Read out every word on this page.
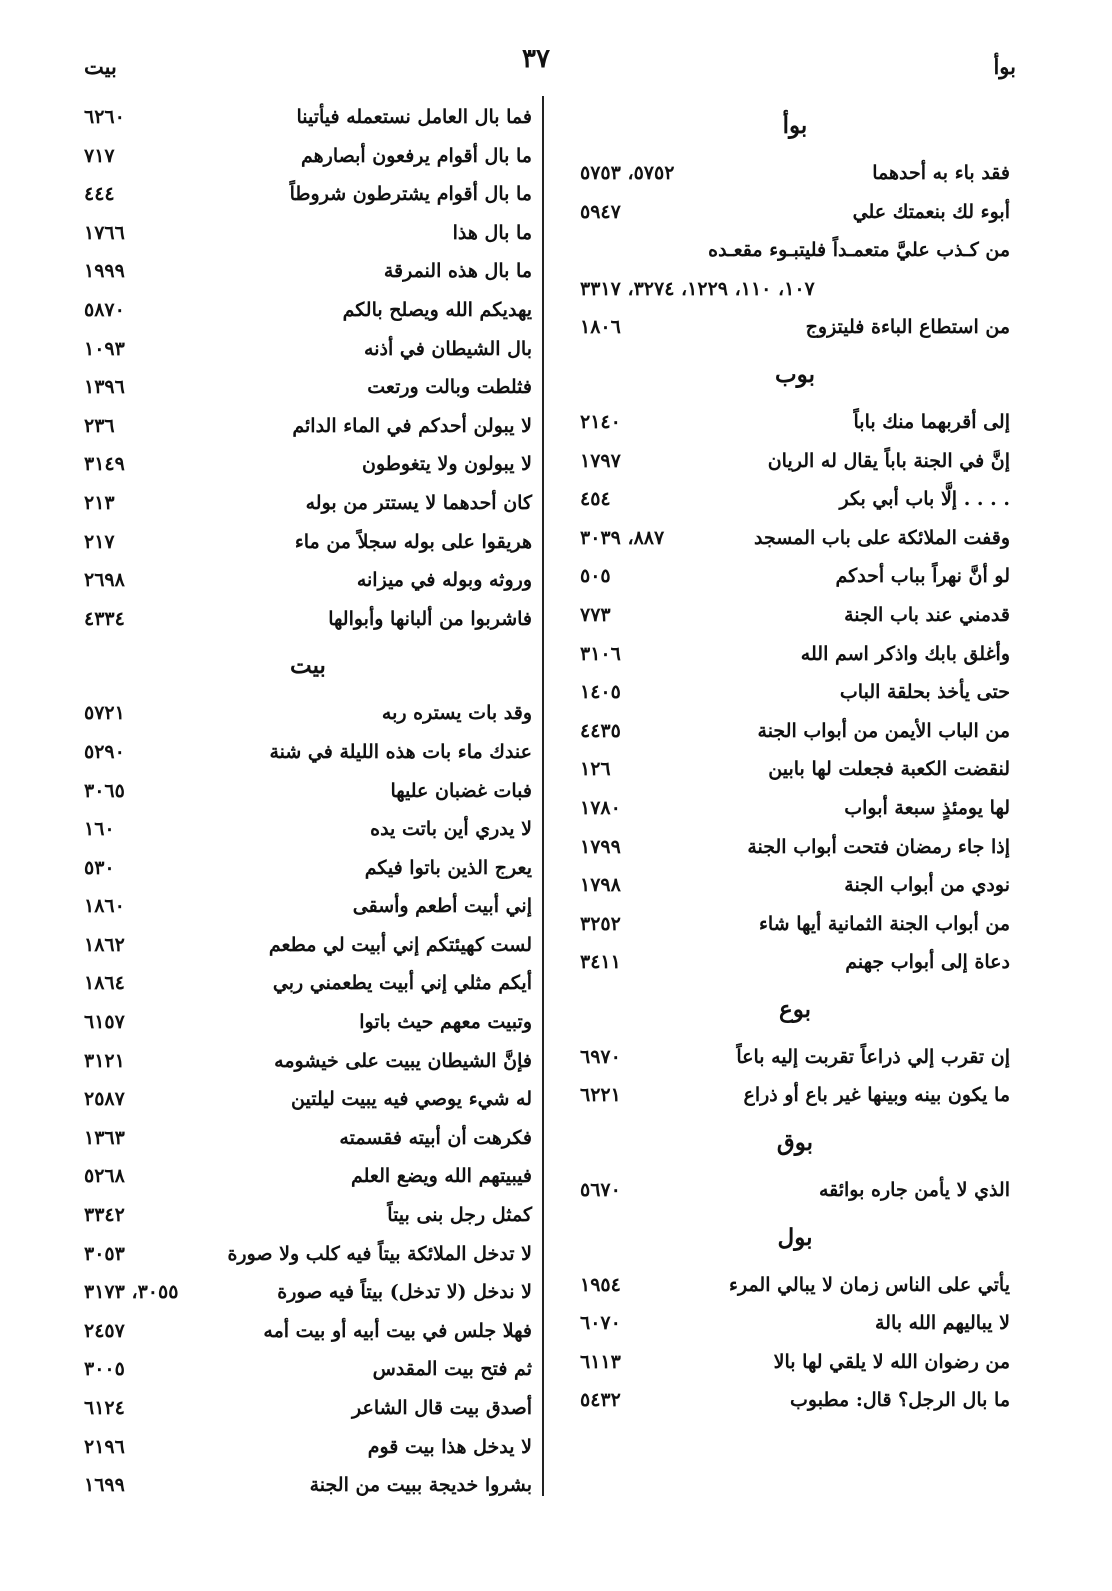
بوأ
٣٧
بيت
بوأ
فقد باء به أحدهما
٥٧٥٢، ٥٧٥٣
أبوء لك بنعمتك علي
٥٩٤٧
من كـذب عليَّ متعمـداً فليتبـوء مقعـده
١٠٧، ١١٠، ١٢٢٩، ٣٢٧٤، ٣٣١٧
من استطاع الباءة فليتزوج
١٨٠٦
بوب
إلى أقربهما منك باباً
٢١٤٠
إنَّ في الجنة باباً يقال له الريان
١٧٩٧
. . . . إلَّا باب أبي بكر
٤٥٤
وقفت الملائكة على باب المسجد
٨٨٧، ٣٠٣٩
لو أنَّ نهراً بباب أحدكم
٥٠٥
قدمني عند باب الجنة
٧٧٣
وأغلق بابك واذكر اسم الله
٣١٠٦
حتى يأخذ بحلقة الباب
١٤٠٥
من الباب الأيمن من أبواب الجنة
٤٤٣٥
لنقضت الكعبة فجعلت لها بابين
١٢٦
لها يومئذٍ سبعة أبواب
١٧٨٠
إذا جاء رمضان فتحت أبواب الجنة
١٧٩٩
نودي من أبواب الجنة
١٧٩٨
من أبواب الجنة الثمانية أيها شاء
٣٢٥٢
دعاة إلى أبواب جهنم
٣٤١١
بوع
إن تقرب إلي ذراعاً تقربت إليه باعاً
٦٩٧٠
ما يكون بينه وبينها غير باع أو ذراع
٦٢٢١
بوق
الذي لا يأمن جاره بوائقه
٥٦٧٠
بول
يأتي على الناس زمان لا يبالي المرء
١٩٥٤
لا يباليهم الله بالة
٦٠٧٠
من رضوان الله لا يلقي لها بالا
٦١١٣
ما بال الرجل؟ قال: مطبوب
٥٤٣٢
فما بال العامل نستعمله فيأتينا
٦٢٦٠
ما بال أقوام يرفعون أبصارهم
٧١٧
ما بال أقوام يشترطون شروطاً
٤٤٤
ما بال هذا
١٧٦٦
ما بال هذه النمرقة
١٩٩٩
يهديكم الله ويصلح بالكم
٥٨٧٠
بال الشيطان في أذنه
١٠٩٣
فثلطت وبالت ورتعت
١٣٩٦
لا يبولن أحدكم في الماء الدائم
٢٣٦
لا يبولون ولا يتغوطون
٣١٤٩
كان أحدهما لا يستتر من بوله
٢١٣
هريقوا على بوله سجلاً من ماء
٢١٧
وروثه وبوله في ميزانه
٢٦٩٨
فاشربوا من ألبانها وأبوالها
٤٣٣٤
بيت
وقد بات يستره ربه
٥٧٢١
عندك ماء بات هذه الليلة في شنة
٥٢٩٠
فبات غضبان عليها
٣٠٦٥
لا يدري أين باتت يده
١٦٠
يعرج الذين باتوا فيكم
٥٣٠
إني أبيت أطعم وأسقى
١٨٦٠
لست كهيئتكم إني أبيت لي مطعم
١٨٦٢
أيكم مثلي إني أبيت يطعمني ربي
١٨٦٤
وتبيت معهم حيث باتوا
٦١٥٧
فإنَّ الشيطان يبيت على خيشومه
٣١٢١
له شيء يوصي فيه يبيت ليلتين
٢٥٨٧
فكرهت أن أبيته فقسمته
١٣٦٣
فيبيتهم الله ويضع العلم
٥٢٦٨
كمثل رجل بنى بيتاً
٣٣٤٢
لا تدخل الملائكة بيتاً فيه كلب ولا صورة
٣٠٥٣
لا ندخل (لا تدخل) بيتاً فيه صورة
٣٠٥٥، ٣١٧٣
فهلا جلس في بيت أبيه أو بيت أمه
٢٤٥٧
ثم فتح بيت المقدس
٣٠٠٥
أصدق بيت قال الشاعر
٦١٢٤
لا يدخل هذا بيت قوم
٢١٩٦
بشروا خديجة ببيت من الجنة
١٦٩٩
